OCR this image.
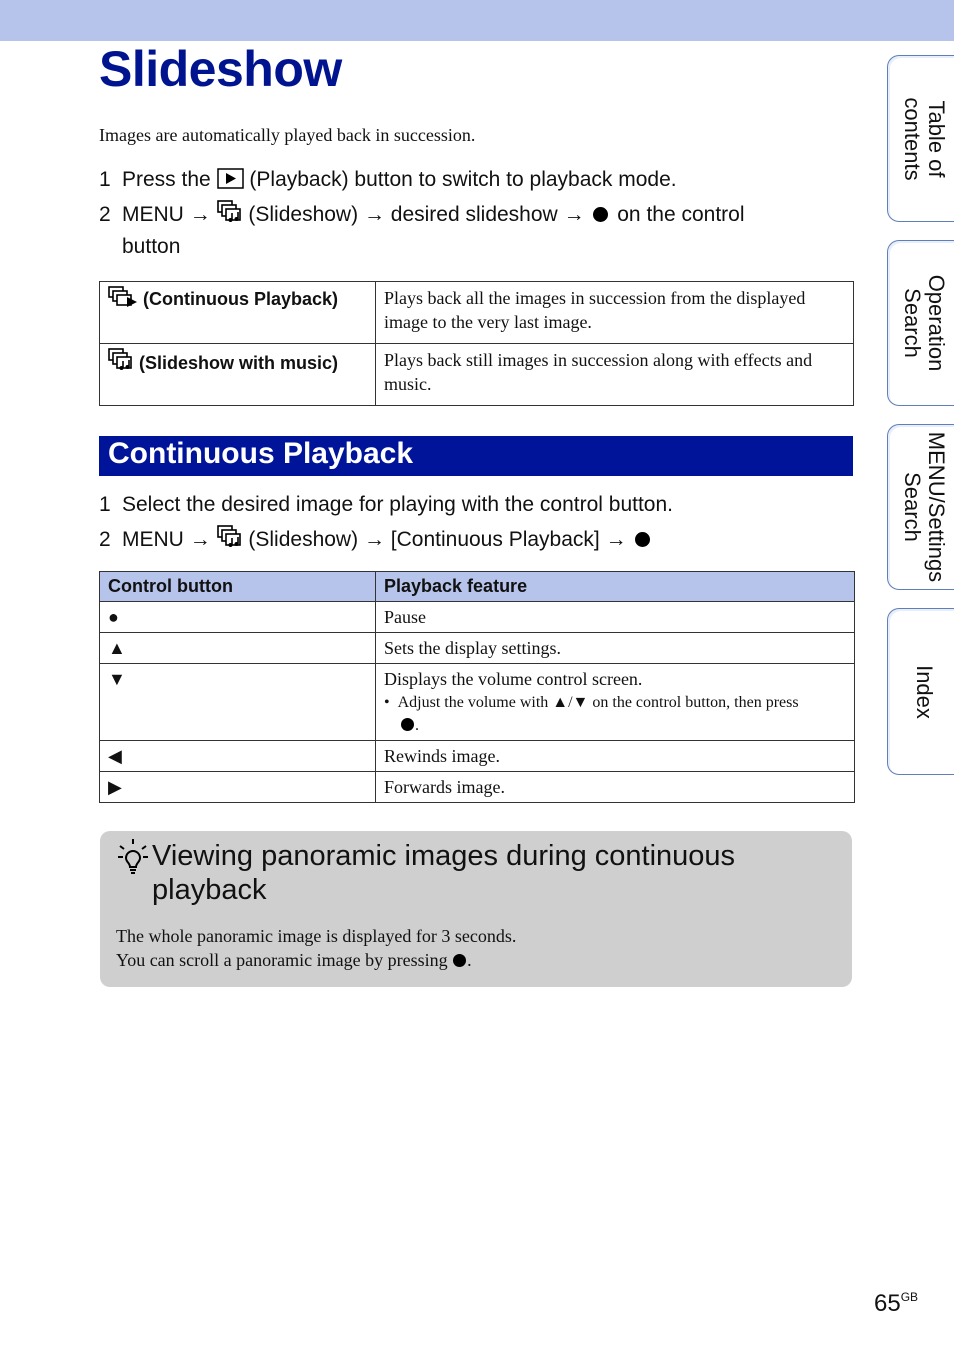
Slideshow
Images are automatically played back in succession.
1 Press the (Playback) button to switch to playback mode.
2 MENU → (Slideshow) → desired slideshow → on the control
button
(Continuous Playback)	Plays back all the images in succession from the displayed
image to the very last image.

(Slideshow with music)	Plays back still images in succession along with effects and
music.
Continuous Playback
1 Select the desired image for playing with the control button.
2 MENU → (Slideshow) → [Continuous Playback] →
Control button	Playback feature
●	Pause
▲	Sets the display settings.
▼	Displays the volume control screen.
•  Adjust the volume with ▲/▼ on the control button, then press
.

◀	Rewinds image.
▶	Forwards image.
Viewing panoramic images during continuous playback
The whole panoramic image is displayed for 3 seconds.
You can scroll a panoramic image by pressing .
Table of
contents
Operation
Search
MENU/Settings
Search
Index
$65^{GB}$
